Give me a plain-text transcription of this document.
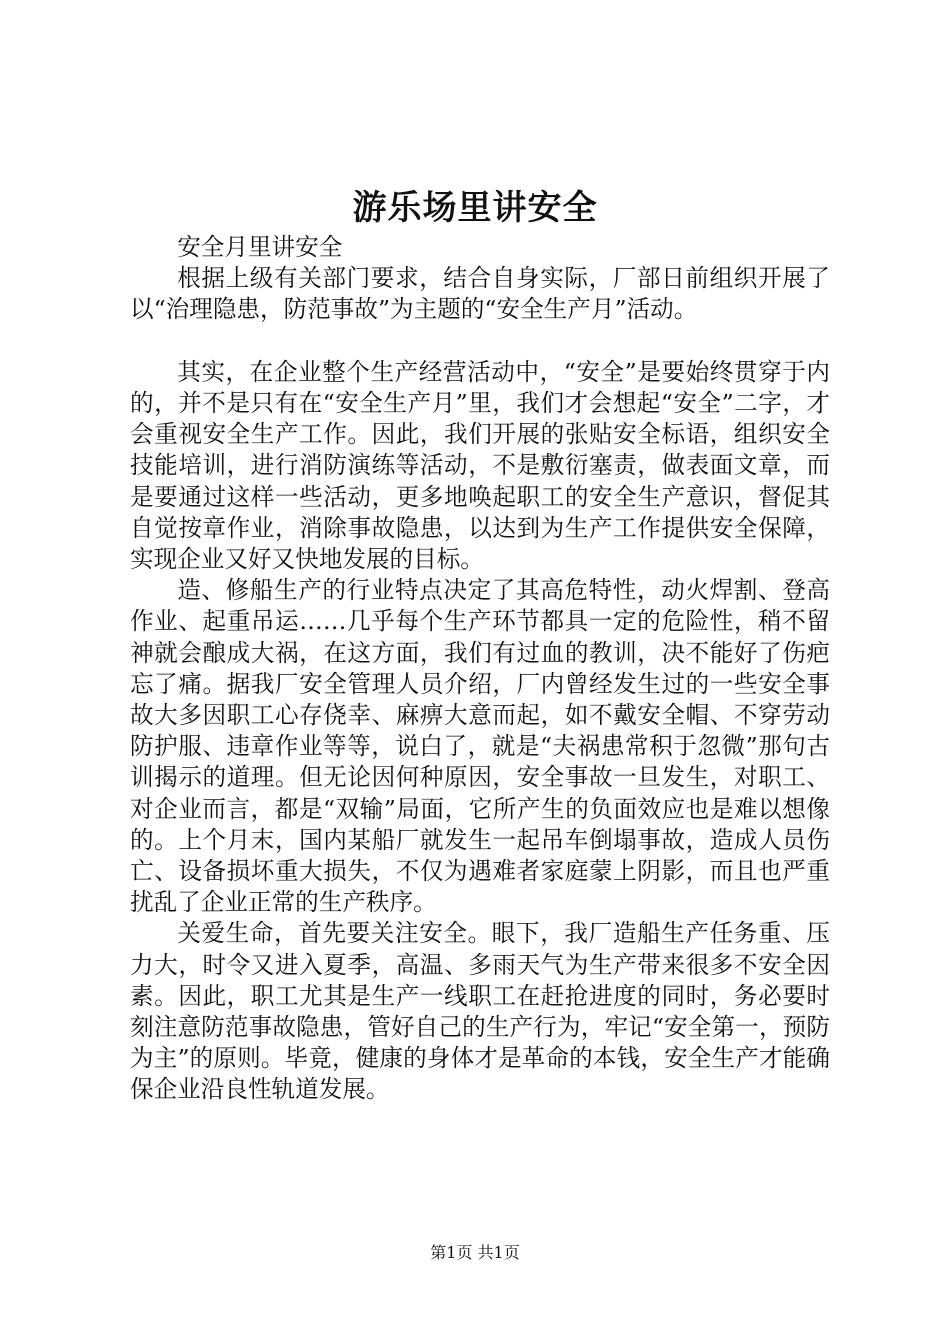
游乐场里讲安全

安全月里讲安全

根据上级有关部门要求，结合自身实际，厂部日前组织开展了以“治理隐患，防范事故”为主题的“安全生产月”活动。

其实，在企业整个生产经营活动中，“安全”是要始终贯穿于内的，并不是只有在“安全生产月”里，我们才会想起“安全”二字，才会重视安全生产工作。因此，我们开展的张贴安全标语，组织安全技能培训，进行消防演练等活动，不是敷衍塞责，做表面文章，而是要通过这样一些活动，更多地唤起职工的安全生产意识，督促其自觉按章作业，消除事故隐患，以达到为生产工作提供安全保障，实现企业又好又快地发展的目标。

造、修船生产的行业特点决定了其高危特性，动火焊割、登高作业、起重吊运……几乎每个生产环节都具一定的危险性，稍不留神就会酿成大祸，在这方面，我们有过血的教训，决不能好了伤疤忘了痛。据我厂安全管理人员介绍，厂内曾经发生过的一些安全事故大多因职工心存侥幸、麻痹大意而起，如不戴安全帽、不穿劳动防护服、违章作业等等，说白了，就是“夫祸患常积于忽微”那句古训揭示的道理。但无论因何种原因，安全事故一旦发生，对职工、对企业而言，都是“双输”局面，它所产生的负面效应也是难以想像的。上个月末，国内某船厂就发生一起吊车倒塌事故，造成人员伤亡、设备损坏重大损失，不仅为遇难者家庭蒙上阴影，而且也严重扰乱了企业正常的生产秩序。

关爱生命，首先要关注安全。眼下，我厂造船生产任务重、压力大，时令又进入夏季，高温、多雨天气为生产带来很多不安全因素。因此，职工尤其是生产一线职工在赶抢进度的同时，务必要时刻注意防范事故隐患，管好自己的生产行为，牢记“安全第一，预防为主”的原则。毕竟，健康的身体才是革命的本钱，安全生产才能确保企业沿良性轨道发展。

第1页 共1页
